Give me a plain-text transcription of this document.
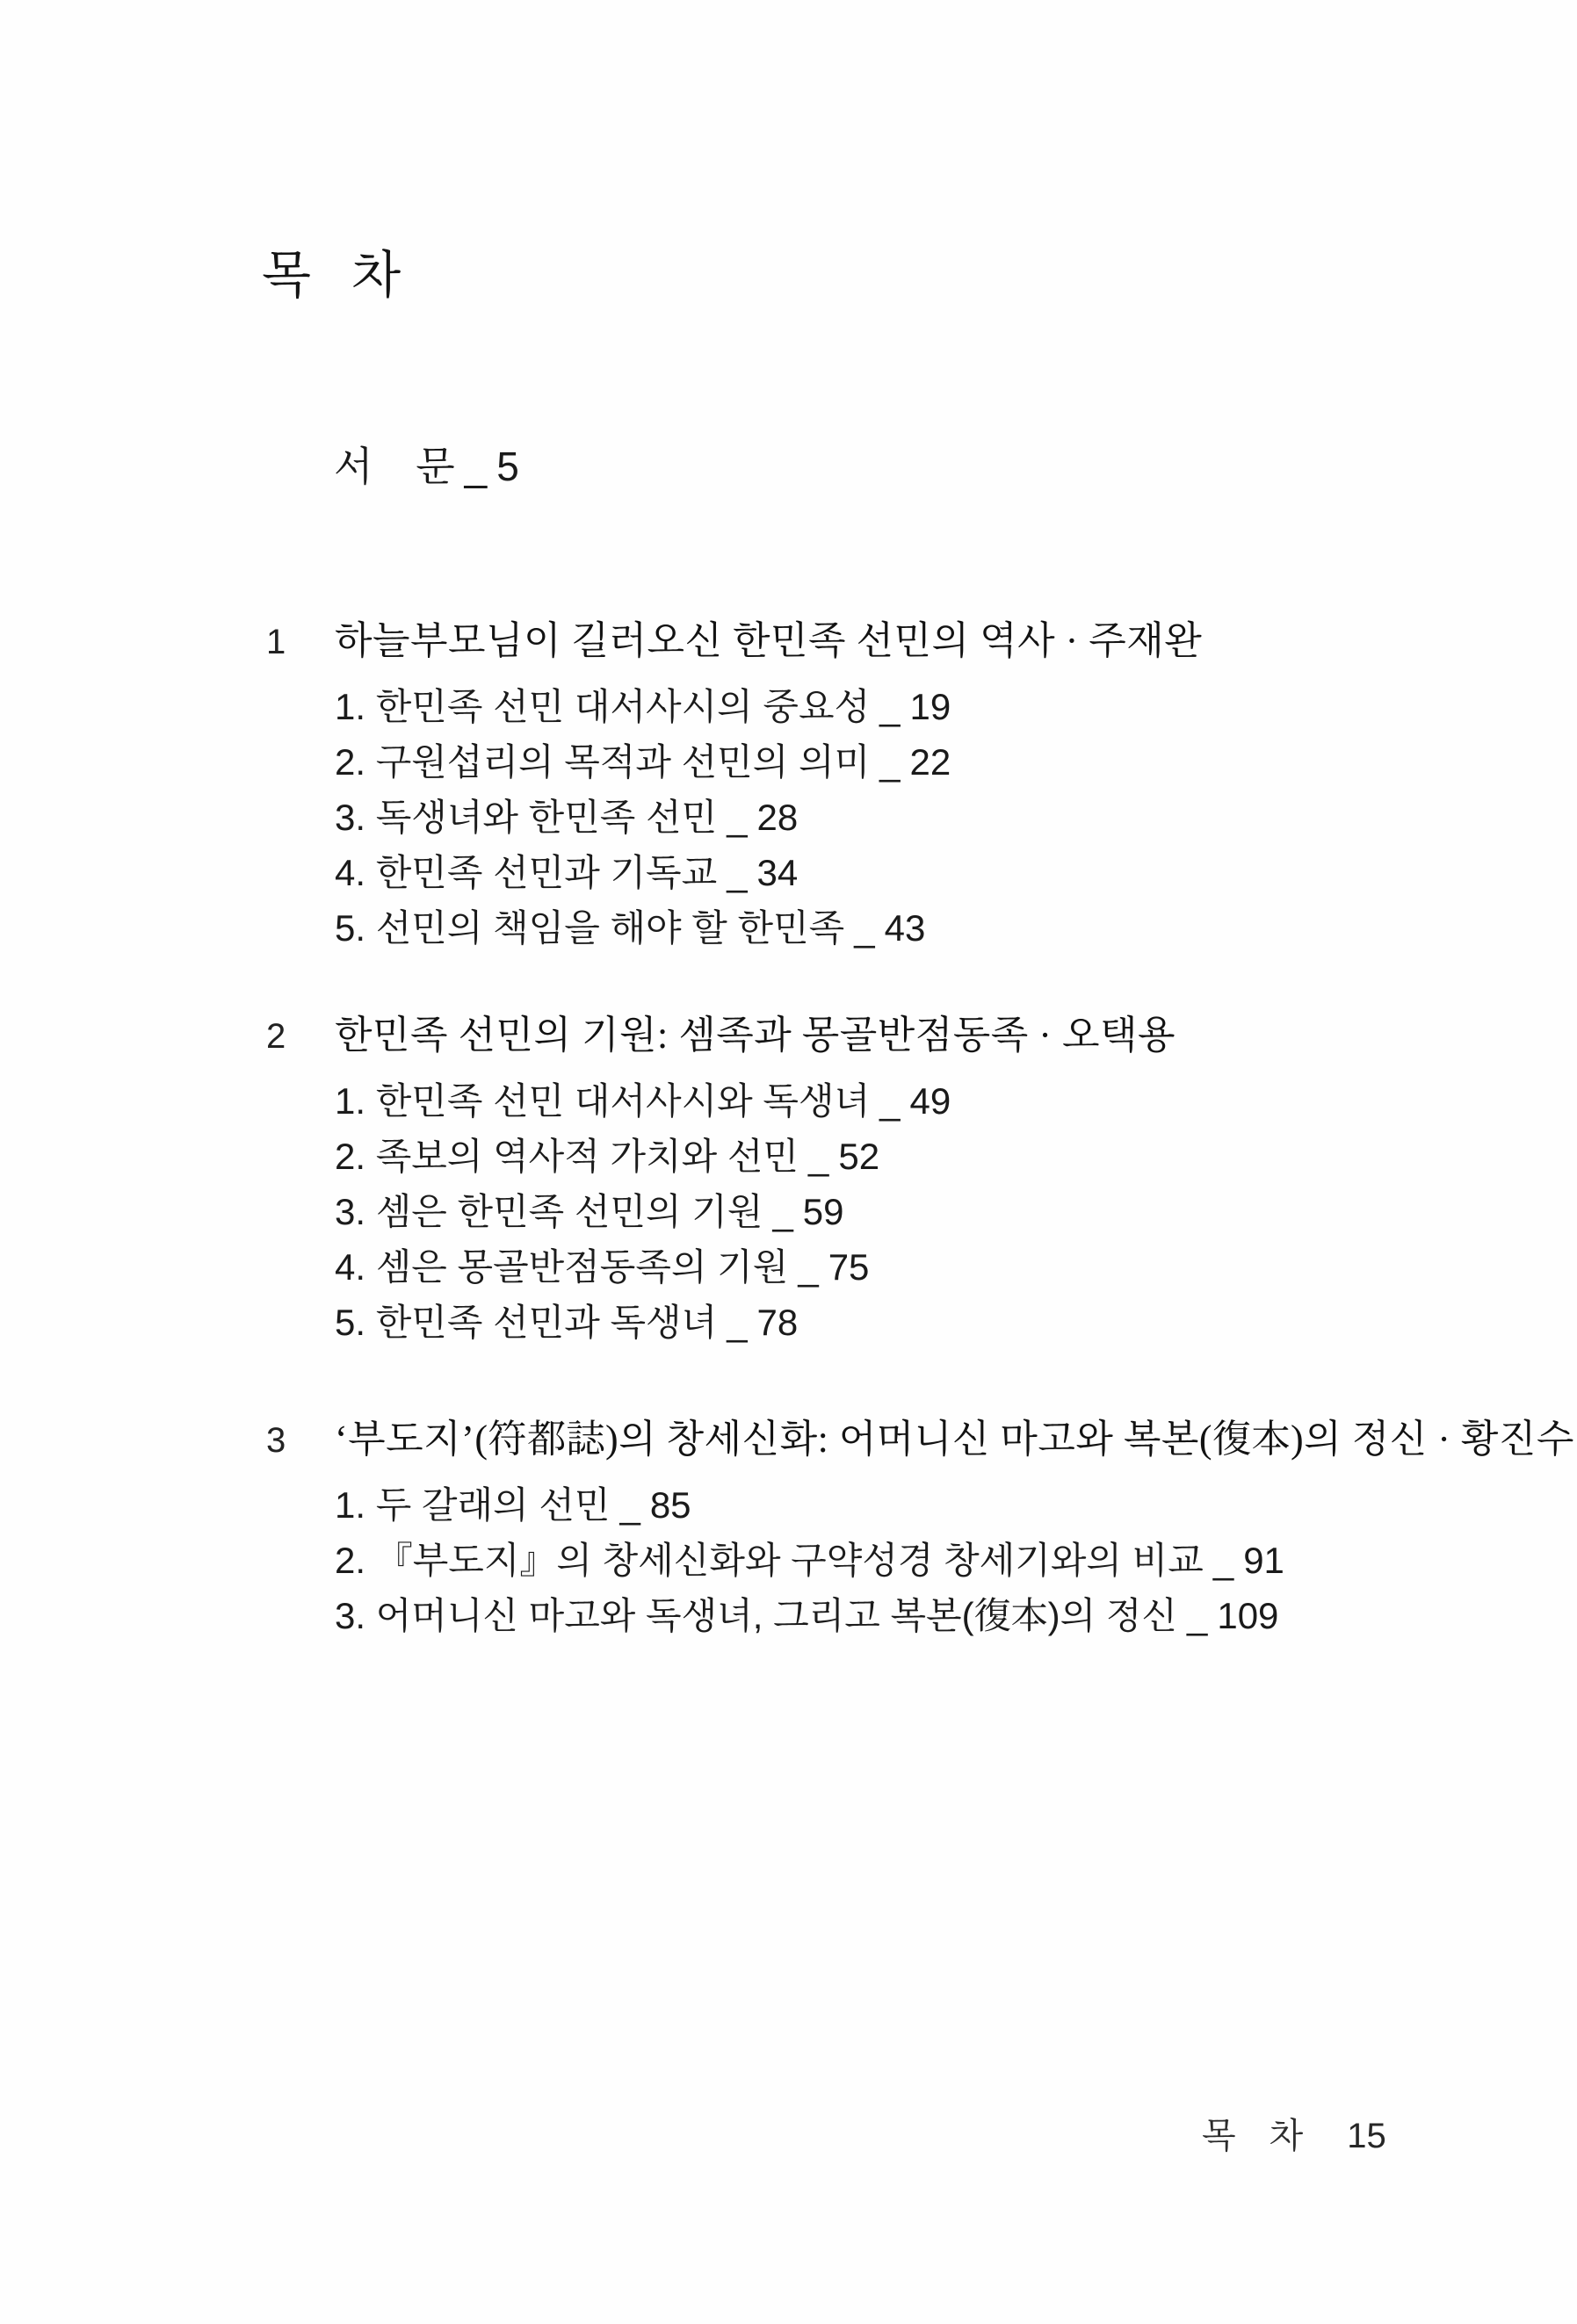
목 차
서 문 _ 5
1	하늘부모님이 길러오신 한민족 선민의 역사 · 주재완
1. 한민족 선민 대서사시의 중요성 _ 19
2. 구원섭리의 목적과 선민의 의미 _ 22
3. 독생녀와 한민족 선민 _ 28
4. 한민족 선민과 기독교 _ 34
5. 선민의 책임을 해야 할 한민족 _ 43
2	한민족 선민의 기원: 셈족과 몽골반점동족 · 오택용
1. 한민족 선민 대서사시와 독생녀 _ 49
2. 족보의 역사적 가치와 선민 _ 52
3. 셈은 한민족 선민의 기원 _ 59
4. 셈은 몽골반점동족의 기원 _ 75
5. 한민족 선민과 독생녀 _ 78
3	‘부도지’(符都誌)의 창세신화: 어머니신 마고와 복본(復本)의 정신 · 황진수
1. 두 갈래의 선민 _ 85
2. 『부도지』의 창세신화와 구약성경 창세기와의 비교 _ 91
3. 어머니신 마고와 독생녀, 그리고 복본(復本)의 정신 _ 109
목 차 15
